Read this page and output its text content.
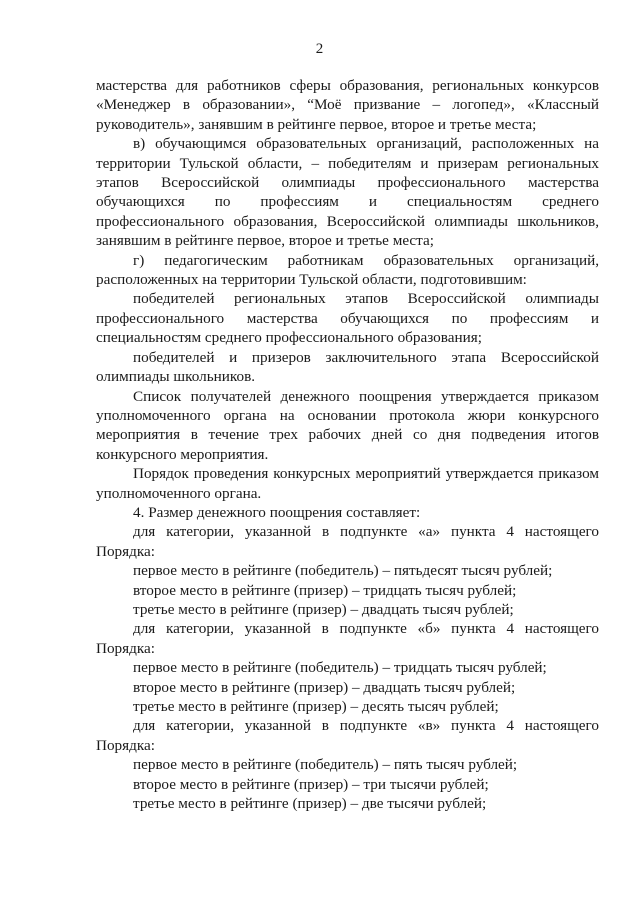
2

мастерства для работников сферы образования, региональных конкурсов «Менеджер в образовании», “Моё призвание – логопед», «Классный руководитель», занявшим в рейтинге первое, второе и третье места;

в) обучающимся образовательных организаций, расположенных на территории Тульской области, – победителям и призерам региональных этапов Всероссийской олимпиады профессионального мастерства обучающихся по профессиям и специальностям среднего профессионального образования, Всероссийской олимпиады школьников, занявшим в рейтинге первое, второе и третье места;

г) педагогическим работникам образовательных организаций, расположенных на территории Тульской области, подготовившим:

победителей региональных этапов Всероссийской олимпиады профессионального мастерства обучающихся по профессиям и специальностям среднего профессионального образования;

победителей и призеров заключительного этапа Всероссийской олимпиады школьников.

Список получателей денежного поощрения утверждается приказом уполномоченного органа на основании протокола жюри конкурсного мероприятия в течение трех рабочих дней со дня подведения итогов конкурсного мероприятия.

Порядок проведения конкурсных мероприятий утверждается приказом уполномоченного органа.

4. Размер денежного поощрения составляет:

для категории, указанной в подпункте «а» пункта 4 настоящего Порядка:

первое место в рейтинге (победитель) – пятьдесят тысяч рублей;

второе место в рейтинге (призер) – тридцать тысяч рублей;

третье место в рейтинге (призер) – двадцать тысяч рублей;

для категории, указанной в подпункте «б» пункта 4 настоящего Порядка:

первое место в рейтинге (победитель) – тридцать тысяч рублей;

второе место в рейтинге (призер) – двадцать тысяч рублей;

третье место в рейтинге (призер) – десять тысяч рублей;

для категории, указанной в подпункте «в» пункта 4 настоящего Порядка:

первое место в рейтинге (победитель) – пять тысяч рублей;

второе место в рейтинге (призер) – три тысячи рублей;

третье место в рейтинге (призер) – две тысячи рублей;
